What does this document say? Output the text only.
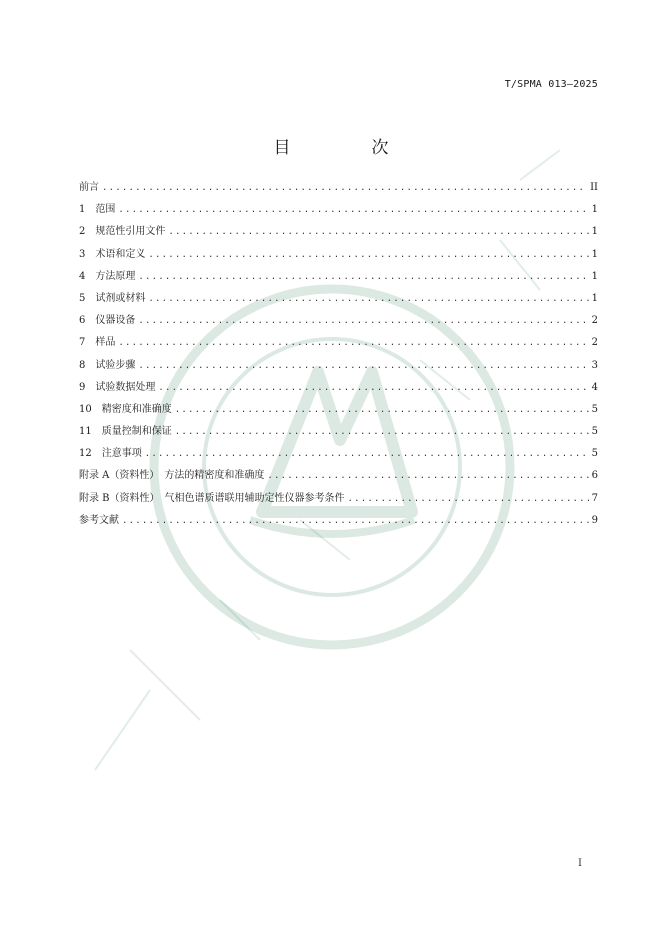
T/SPMA 013—2025
目　次
前言 .....	II
1　范围 .....	1
2　规范性引用文件 .....	1
3　术语和定义 .....	1
4　方法原理 .....	1
5　试剂或材料 .....	1
6　仪器设备 .....	2
7　样品 .....	2
8　试验步骤 .....	3
9　试验数据处理 .....	4
10　精密度和准确度 .....	5
11　质量控制和保证 .....	5
12　注意事项 .....	5
附录 A（资料性）　方法的精密度和准确度 .....	6
附录 B（资料性）　气相色谱质谱联用辅助定性仪器参考条件 .....	7
参考文献 .....	9
I
